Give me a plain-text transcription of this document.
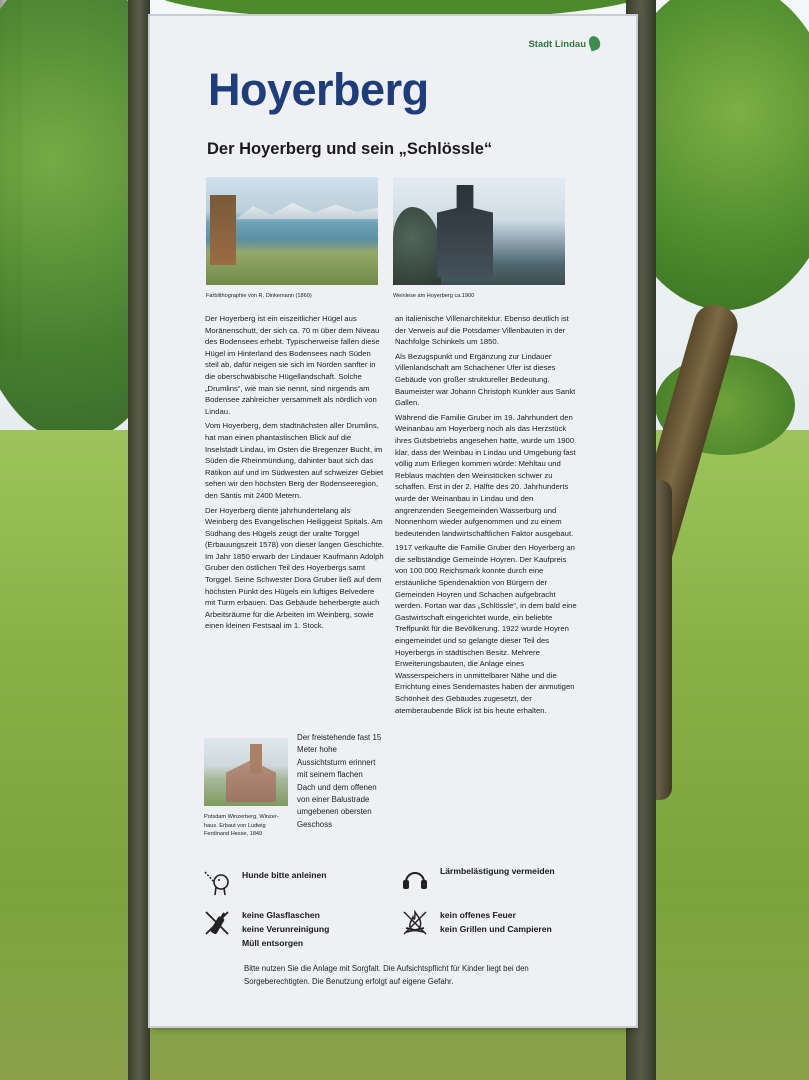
Stadt Lindau
Hoyerberg
Der Hoyerberg und sein „Schlössle“
Farblithographie von R. Dinkemann (1860)	Weinlese am Hoyerberg ca.1900

Der Hoyerberg ist ein eiszeitlicher Hügel aus Moränenschutt, der sich ca. 70 m über dem Niveau des Bodensees erhebt. Typischerweise fallen diese Hügel im Hinterland des Bodensees nach Süden steil ab, dafür neigen sie sich im Norden sanfter in die oberschwäbische Hügellandschaft. Solche „Drumlins“, wie man sie nennt, sind nirgends am Bodensee zahlreicher versammelt als nördlich von Lindau.

Vom Hoyerberg, dem stadtnächsten aller Drumlins, hat man einen phantastischen Blick auf die Inselstadt Lindau, im Osten die Bregenzer Bucht, im Süden die Rheinmündung, dahinter baut sich das Rätikon auf und im Südwesten auf schweizer Gebiet sehen wir den höchsten Berg der Bodenseeregion, den Säntis mit 2400 Metern.

Der Hoyerberg diente jahrhundertelang als Weinberg des Evangelischen Heiliggeist Spitals. Am Südhang des Hügels zeugt der uralte Torggel (Erbauungszeit 1578) von dieser langen Geschichte. Im Jahr 1850 erwarb der Lindauer Kaufmann Adolph Gruber den östlichen Teil des Hoyerbergs samt Torggel. Seine Schwester Dora Gruber ließ auf dem höchsten Punkt des Hügels ein luftiges Belvedere mit Turm erbauen. Das Gebäude beherbergte auch Arbeitsräume für die Arbeiten im Weinberg, sowie einen kleinen Festsaal im 1. Stock.

Potsdam Winzerberg, Winzer-
haus. Erbaut von Ludwig
Ferdinand Hesse, 1849
Der freistehende fast 15 Meter hohe Aussichtsturm erinnert mit seinem flachen Dach und dem offenen von einer Balustrade umgebenen obersten Geschoss

an italienische Villenarchitektur. Ebenso deutlich ist der Verweis auf die Potsdamer Villenbauten in der Nachfolge Schinkels um 1850.

Als Bezugspunkt und Ergänzung zur Lindauer Villenlandschaft am Schachener Ufer ist dieses Gebäude von großer struktureller Bedeutung. Baumeister war Johann Christoph Kunkler aus Sankt Gallen.

Während die Familie Gruber im 19. Jahrhundert den Weinanbau am Hoyerberg noch als das Herzstück ihres Gutsbetriebs angesehen hatte, wurde um 1900 klar, dass der Weinbau in Lindau und Umgebung fast völlig zum Erliegen kommen würde: Mehltau und Reblaus machten den Weinstöcken schwer zu schaffen. Erst in der 2. Hälfte des 20. Jahrhunderts wurde der Weinanbau in Lindau und den angrenzenden Seegemeinden Wasserburg und Nonnenhorn wieder aufgenommen und zu einem bedeutenden landwirtschaftlichen Faktor ausgebaut.

1917 verkaufte die Familie Gruber den Hoyerberg an die selbständige Gemeinde Hoyren. Der Kaufpreis von 100 000 Reichsmark konnte durch eine erstaunliche Spendenaktion von Bürgern der Gemeinden Hoyren und Schachen aufgebracht werden. Fortan war das „Schlössle“, in dem bald eine Gastwirtschaft eingerichtet wurde, ein beliebte Treffpunkt für die Bevölkerung. 1922 wurde Hoyren eingemeindet und so gelangte dieser Teil des Hoyerbergs in städtischen Besitz. Mehrere Erweiterungsbauten, die Anlage eines Wasserspeichers in unmittelbarer Nähe und die Errichtung eines Sendemastes haben der anmutigen Schönheit des Gebäudes zugesetzt, der atemberaubende Blick ist bis heute erhalten.

Hunde bitte anleinen	Lärmbelästigung vermeiden
keine Glasflaschen
keine Verunreinigung
Müll entsorgen
kein offenes Feuer
kein Grillen und Campieren
Bitte nutzen Sie die Anlage mit Sorgfalt. Die Aufsichtspflicht für Kinder liegt bei den Sorgeberechtigten. Die Benutzung erfolgt auf eigene Gefahr.
